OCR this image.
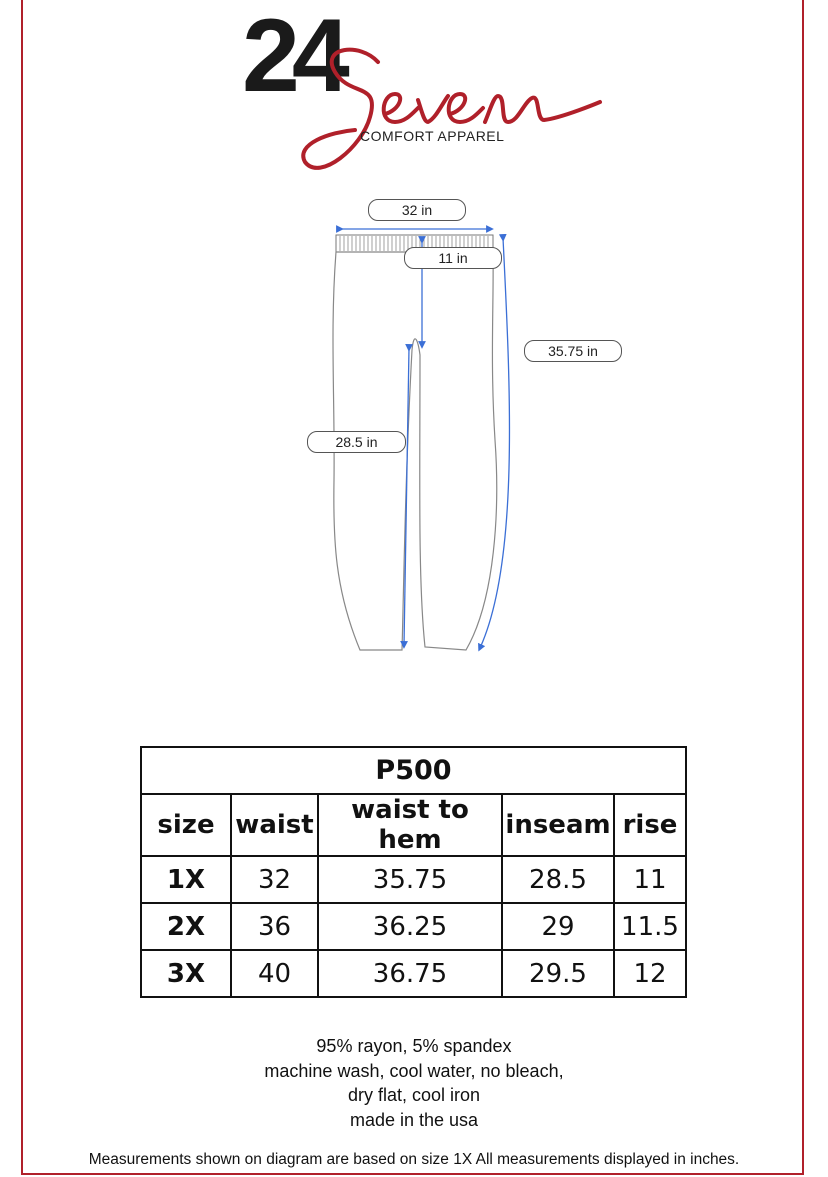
24
COMFORT APPAREL
32 in
11 in
35.75 in
28.5 in
P500				
size	waist	waist to hem	inseam	rise
1X	32	35.75	28.5	11
2X	36	36.25	29	11.5
3X	40	36.75	29.5	12
95% rayon, 5% spandex
machine wash, cool water, no bleach,
dry flat, cool iron
made in the usa
Measurements shown on diagram are based on size 1X All measurements displayed in inches.
